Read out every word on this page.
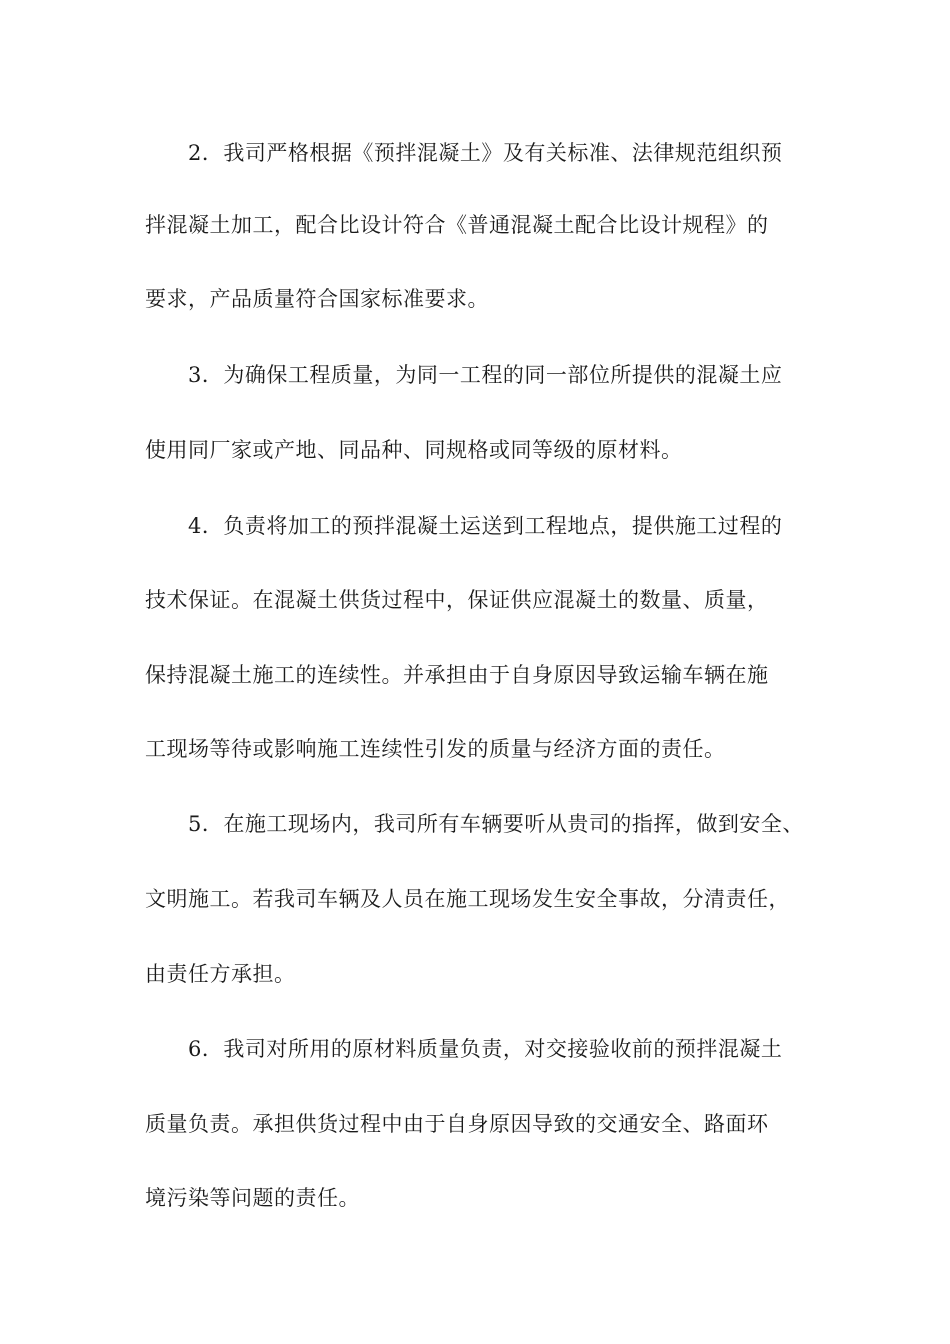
2．我司严格根据《预拌混凝土》及有关标准、法律规范组织预
拌混凝土加工，配合比设计符合《普通混凝土配合比设计规程》的
要求，产品质量符合国家标准要求。
3．为确保工程质量，为同一工程的同一部位所提供的混凝土应
使用同厂家或产地、同品种、同规格或同等级的原材料。
4．负责将加工的预拌混凝土运送到工程地点，提供施工过程的
技术保证。在混凝土供货过程中，保证供应混凝土的数量、质量，
保持混凝土施工的连续性。并承担由于自身原因导致运输车辆在施
工现场等待或影响施工连续性引发的质量与经济方面的责任。
5．在施工现场内，我司所有车辆要听从贵司的指挥，做到安全、
文明施工。若我司车辆及人员在施工现场发生安全事故，分清责任，
由责任方承担。
6．我司对所用的原材料质量负责，对交接验收前的预拌混凝土
质量负责。承担供货过程中由于自身原因导致的交通安全、路面环
境污染等问题的责任。
